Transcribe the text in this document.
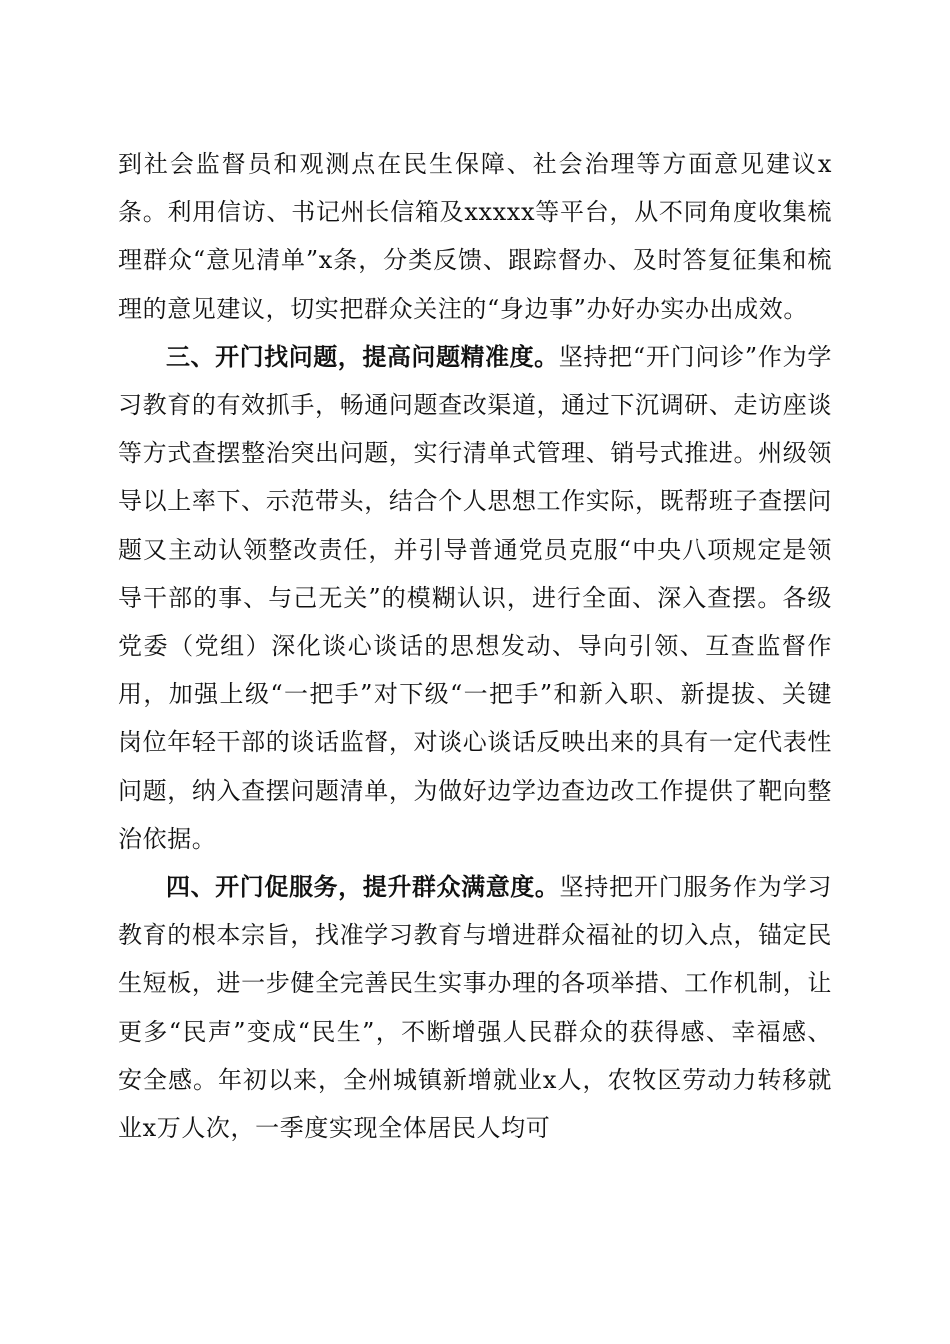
到社会监督员和观测点在民生保障、社会治理等方面意见建议x条。利用信访、书记州长信箱及xxxxx等平台，从不同角度收集梳理群众“意见清单”x条，分类反馈、跟踪督办、及时答复征集和梳理的意见建议，切实把群众关注的“身边事”办好办实办出成效。

三、开门找问题，提高问题精准度。坚持把“开门问诊”作为学习教育的有效抓手，畅通问题查改渠道，通过下沉调研、走访座谈等方式查摆整治突出问题，实行清单式管理、销号式推进。州级领导以上率下、示范带头，结合个人思想工作实际，既帮班子查摆问题又主动认领整改责任，并引导普通党员克服“中央八项规定是领导干部的事、与己无关”的模糊认识，进行全面、深入查摆。各级党委（党组）深化谈心谈话的思想发动、导向引领、互查监督作用，加强上级“一把手”对下级“一把手”和新入职、新提拔、关键岗位年轻干部的谈话监督，对谈心谈话反映出来的具有一定代表性问题，纳入查摆问题清单，为做好边学边查边改工作提供了靶向整治依据。

四、开门促服务，提升群众满意度。坚持把开门服务作为学习教育的根本宗旨，找准学习教育与增进群众福祉的切入点，锚定民生短板，进一步健全完善民生实事办理的各项举措、工作机制，让更多“民声”变成“民生”，不断增强人民群众的获得感、幸福感、安全感。年初以来，全州城镇新增就业x人，农牧区劳动力转移就业x万人次，一季度实现全体居民人均可
